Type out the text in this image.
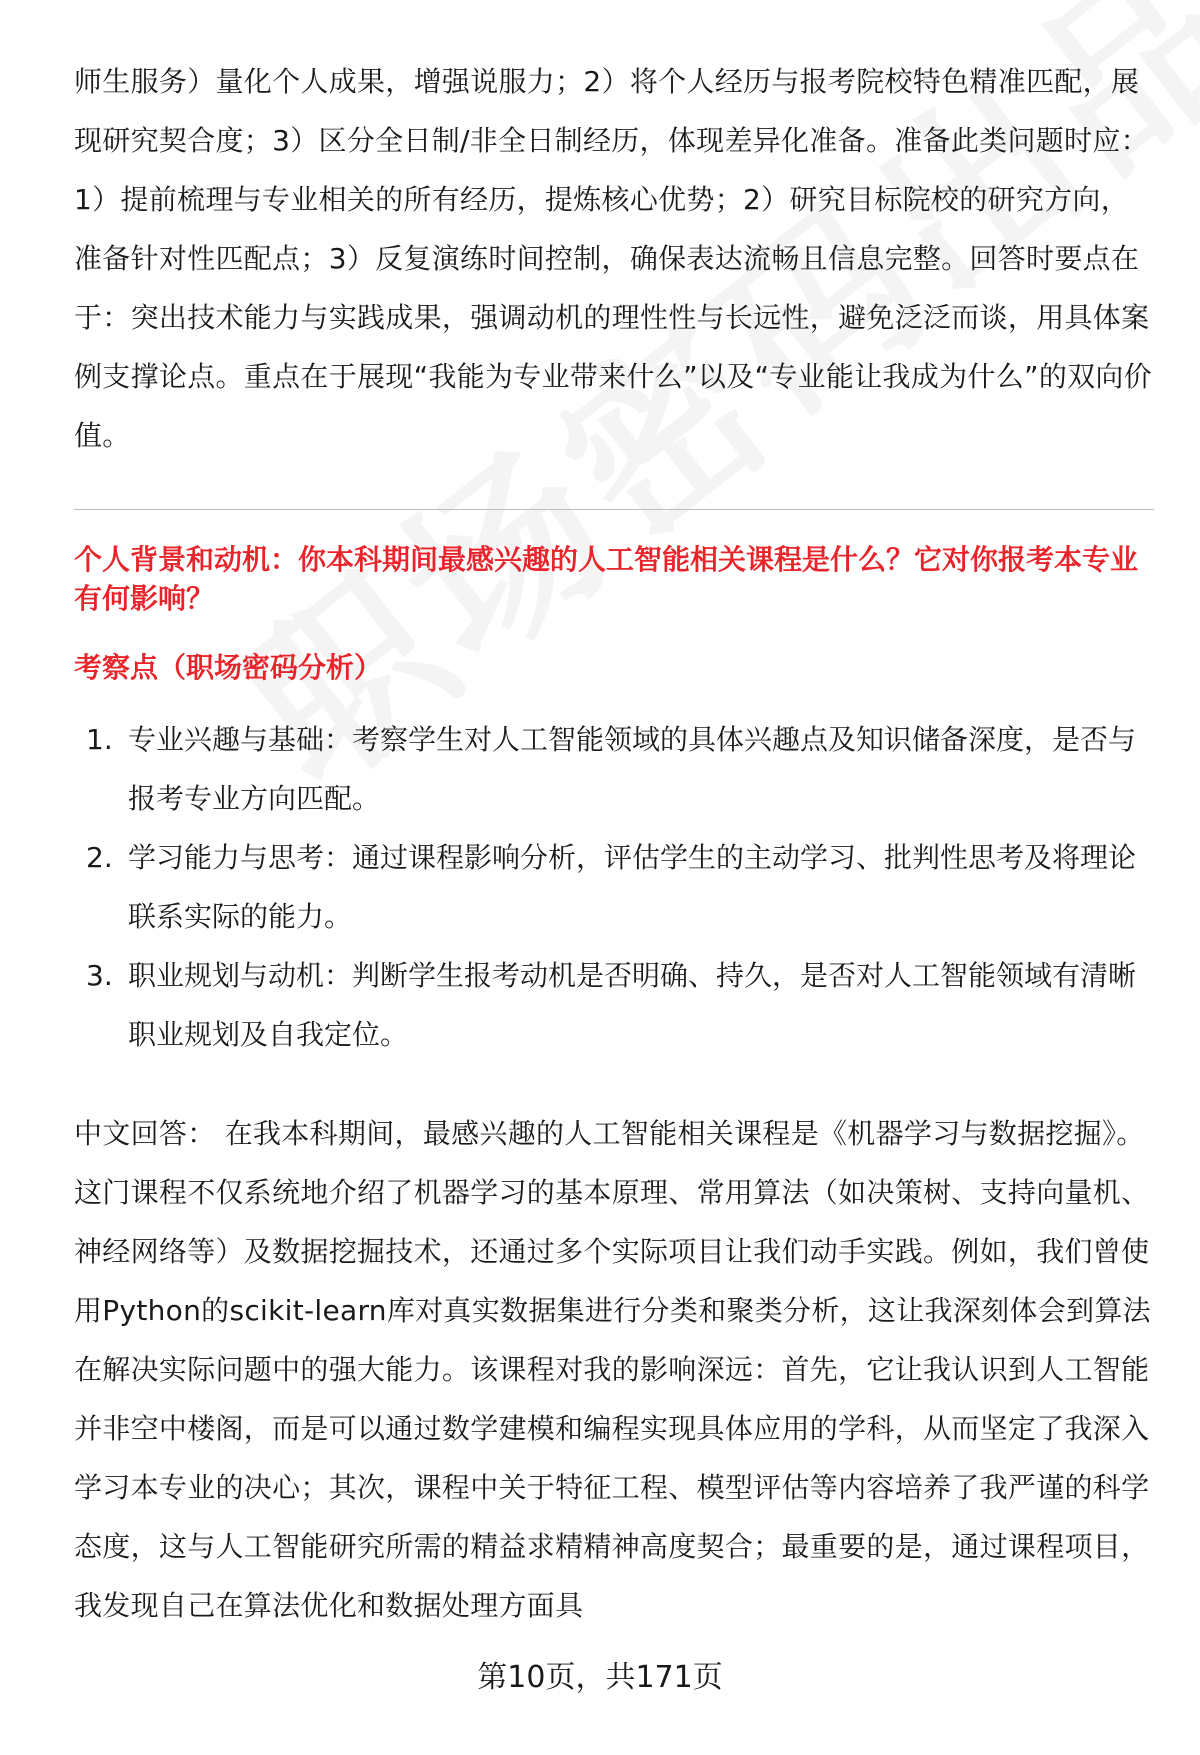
师生服务）量化个人成果，增强说服力；2）将个人经历与报考院校特色精准匹配，展现研究契合度；3）区分全日制/非全日制经历，体现差异化准备。准备此类问题时应：1）提前梳理与专业相关的所有经历，提炼核心优势；2）研究目标院校的研究方向，准备针对性匹配点；3）反复演练时间控制，确保表达流畅且信息完整。回答时要点在于：突出技术能力与实践成果，强调动机的理性性与长远性，避免泛泛而谈，用具体案例支撑论点。重点在于展现“我能为专业带来什么”以及“专业能让我成为什么”的双向价值。

个人背景和动机：你本科期间最感兴趣的人工智能相关课程是什么？它对你报考本专业有何影响？

考察点（职场密码分析）

1. 专业兴趣与基础：考察学生对人工智能领域的具体兴趣点及知识储备深度，是否与报考专业方向匹配。
2. 学习能力与思考：通过课程影响分析，评估学生的主动学习、批判性思考及将理论联系实际的能力。
3. 职业规划与动机：判断学生报考动机是否明确、持久，是否对人工智能领域有清晰职业规划及自我定位。

中文回答： 在我本科期间，最感兴趣的人工智能相关课程是《机器学习与数据挖掘》。这门课程不仅系统地介绍了机器学习的基本原理、常用算法（如决策树、支持向量机、神经网络等）及数据挖掘技术，还通过多个实际项目让我们动手实践。例如，我们曾使用Python的scikit-learn库对真实数据集进行分类和聚类分析，这让我深刻体会到算法在解决实际问题中的强大能力。该课程对我的影响深远：首先，它让我认识到人工智能并非空中楼阁，而是可以通过数学建模和编程实现具体应用的学科，从而坚定了我深入学习本专业的决心；其次，课程中关于特征工程、模型评估等内容培养了我严谨的科学态度，这与人工智能研究所需的精益求精精神高度契合；最重要的是，通过课程项目，我发现自己在算法优化和数据处理方面具

第10页，共171页
